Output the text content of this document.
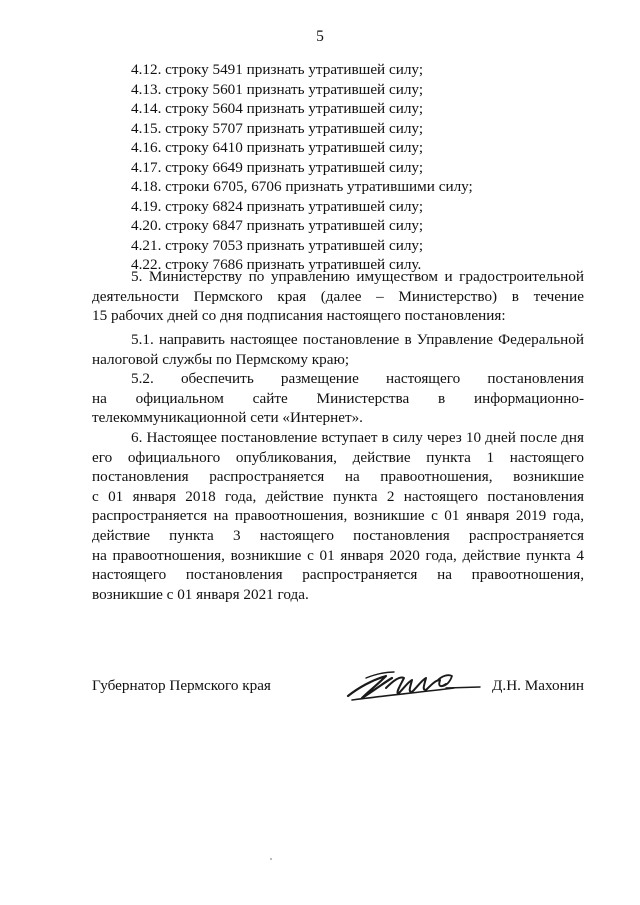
5
4.12. строку 5491 признать утратившей силу;
4.13. строку 5601 признать утратившей силу;
4.14. строку 5604 признать утратившей силу;
4.15. строку 5707 признать утратившей силу;
4.16. строку 6410 признать утратившей силу;
4.17. строку 6649 признать утратившей силу;
4.18. строки 6705, 6706 признать утратившими силу;
4.19. строку 6824 признать утратившей силу;
4.20. строку 6847 признать утратившей силу;
4.21. строку 7053 признать утратившей силу;
4.22. строку 7686 признать утратившей силу.
5. Министерству по управлению имуществом и градостроительной
деятельности Пермского края (далее – Министерство) в течение
15 рабочих дней со дня подписания настоящего постановления:
5.1. направить настоящее постановление в Управление Федеральной
налоговой службы по Пермскому краю;
5.2. обеспечить размещение настоящего постановления
на официальном сайте Министерства в информационно-
телекоммуникационной сети «Интернет».
6. Настоящее постановление вступает в силу через 10 дней после дня
его официального опубликования, действие пункта 1 настоящего
постановления распространяется на правоотношения, возникшие
с 01 января 2018 года, действие пункта 2 настоящего постановления
распространяется на правоотношения, возникшие с 01 января 2019 года,
действие пункта 3 настоящего постановления распространяется
на правоотношения, возникшие с 01 января 2020 года, действие пункта 4
настоящего постановления распространяется на правоотношения,
возникшие с 01 января 2021 года.
Губернатор Пермского края	Д.Н. Махонин
